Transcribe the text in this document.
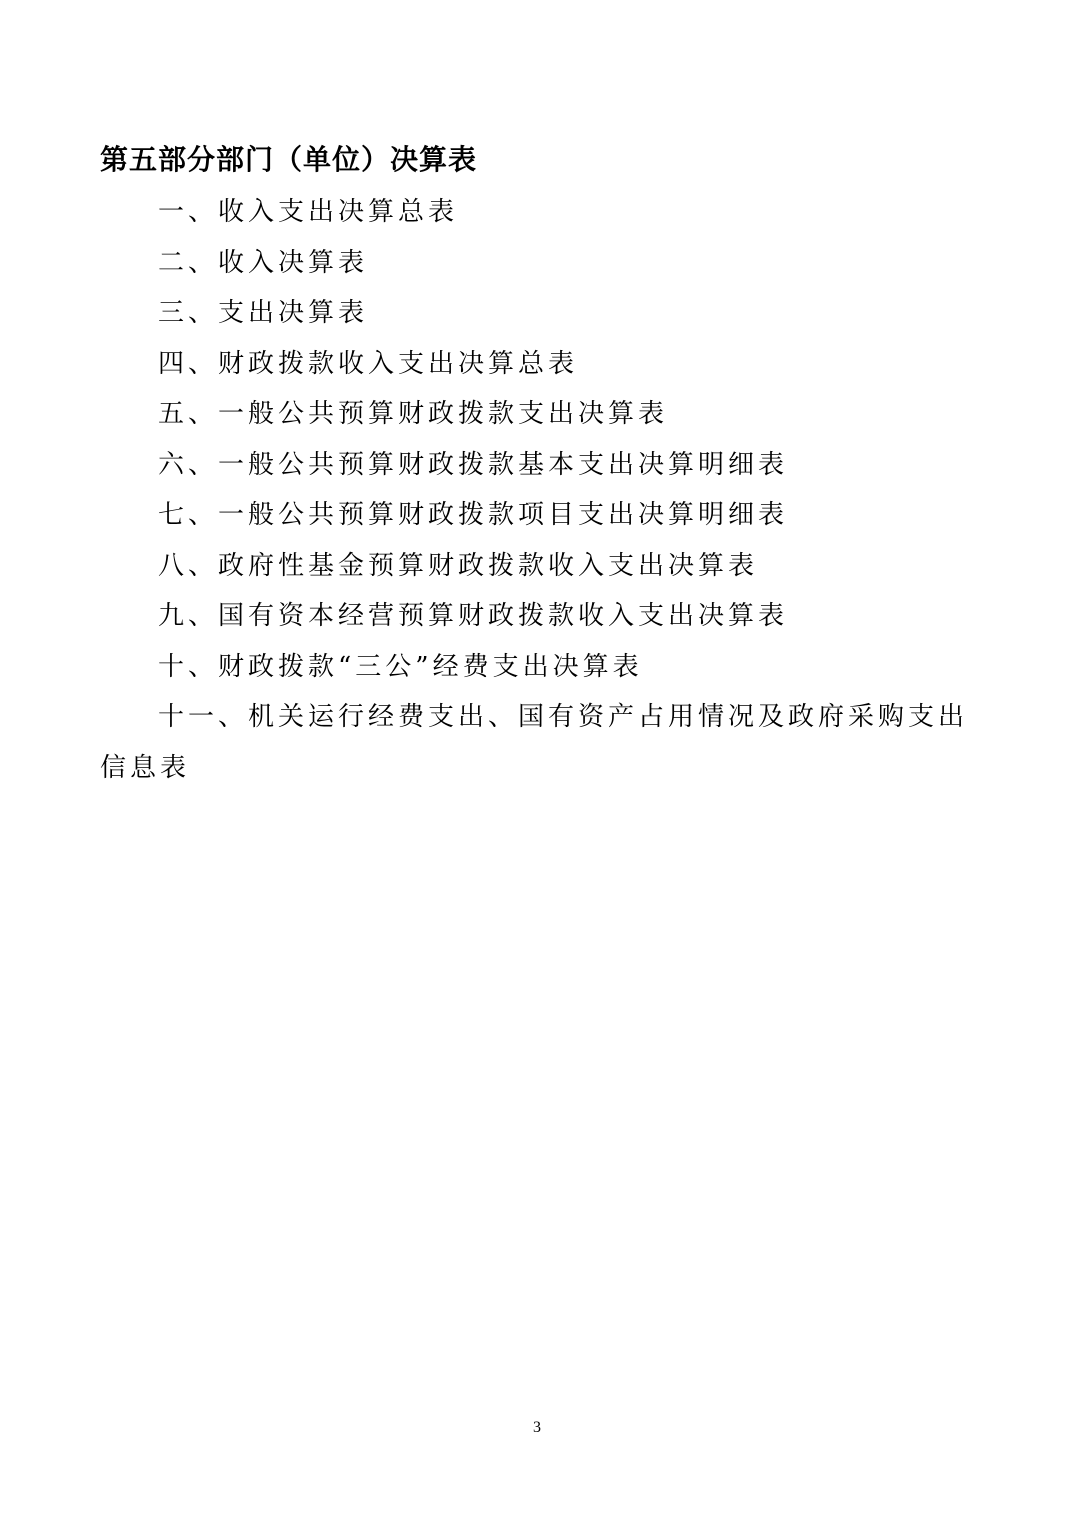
第五部分部门（单位）决算表
一、收入支出决算总表
二、收入决算表
三、支出决算表
四、财政拨款收入支出决算总表
五、一般公共预算财政拨款支出决算表
六、一般公共预算财政拨款基本支出决算明细表
七、一般公共预算财政拨款项目支出决算明细表
八、政府性基金预算财政拨款收入支出决算表
九、国有资本经营预算财政拨款收入支出决算表
十、财政拨款“三公”经费支出决算表
十一、机关运行经费支出、国有资产占用情况及政府采购支出信息表
3
